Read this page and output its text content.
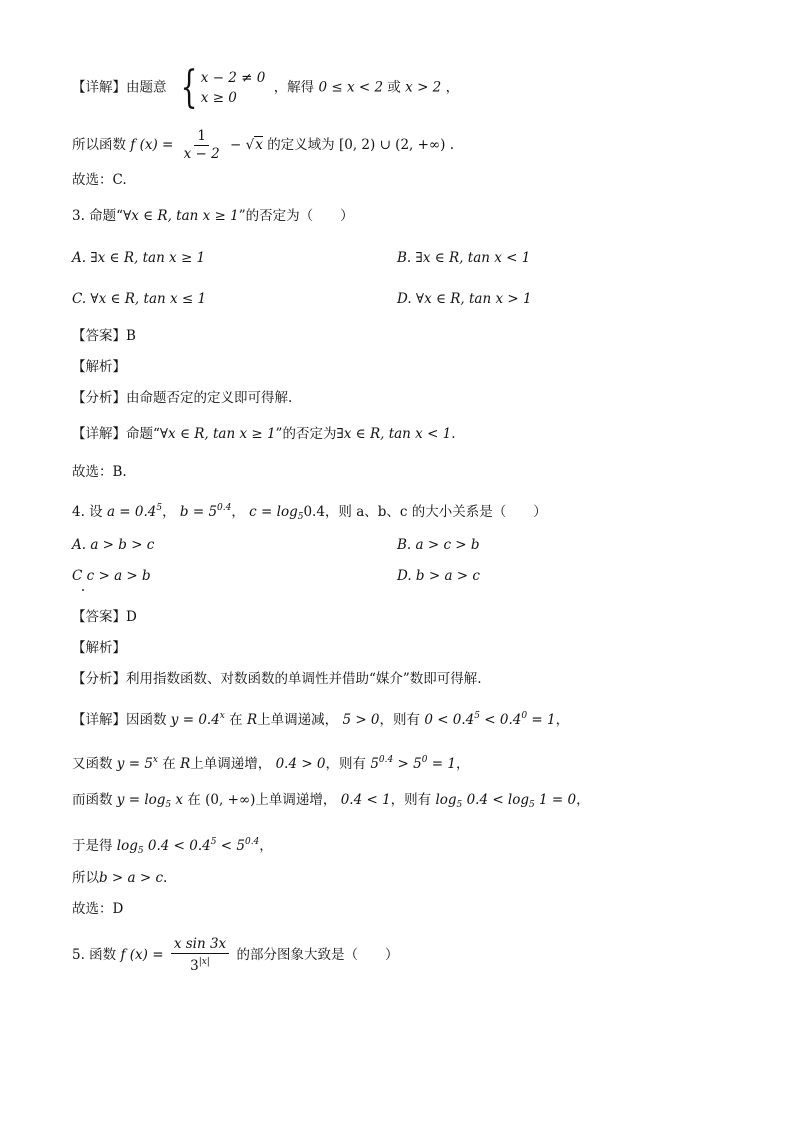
【详解】由题意 { x − 2 ≠ 0
x ≥ 0
，解得 0 ≤ x < 2 或 x > 2 ，
所以函数 f $(x) = \frac{1}{x - 2} - √x$ 的定义域为 [0, 2) ∪ (2, +∞) .
故选：C.
3. 命题“∀x ∈ R, tan x ≥ 1”的否定为（　　）
A. ∃x ∈ R, tan x ≥ 1	B. ∃x ∈ R, tan x < 1
C. ∀x ∈ R, tan x ≤ 1	D. ∀x ∈ R, tan x > 1
【答案】B
【解析】
【分析】由命题否定的定义即可得解.
【详解】命题“∀x ∈ R, tan x ≥ 1”的否定为∃x ∈ R, tan x < 1.
故选：B.
4. 设 $a = 0.4^5$， $b = 5^{0.4}$， $c = \log_50.4$，则 a、b、c 的大小关系是（　　）
A. a > b > c	B. a > c > b
C c > a > b	D. b > a > c
【答案】D
【解析】
【分析】利用指数函数、对数函数的单调性并借助“媒介”数即可得解.
【详解】因函数 $y = 0.4^x$ 在 R上单调递减， 5 > 0，则有 $0 < 0.4^5 < 0.4^0 = 1$，
又函数 $y = 5^x$ 在 R上单调递增， 0.4 > 0，则有 $5^{0.4} > 5^0 = 1$，
而函数 $y = \log_5 x$ 在 (0, +∞)上单调递增， 0.4 < 1，则有 $\log_5 0.4 < \log_5 1 = 0$，
于是得 $\log_5 0.4 < 0.4^5 < 5^{0.4}$，
所以b > a > c.
故选：D
5. 函数 f $(x) = \frac{\text{x sin 3x}}{3^{|x|}}$ 的部分图象大致是（　　）
